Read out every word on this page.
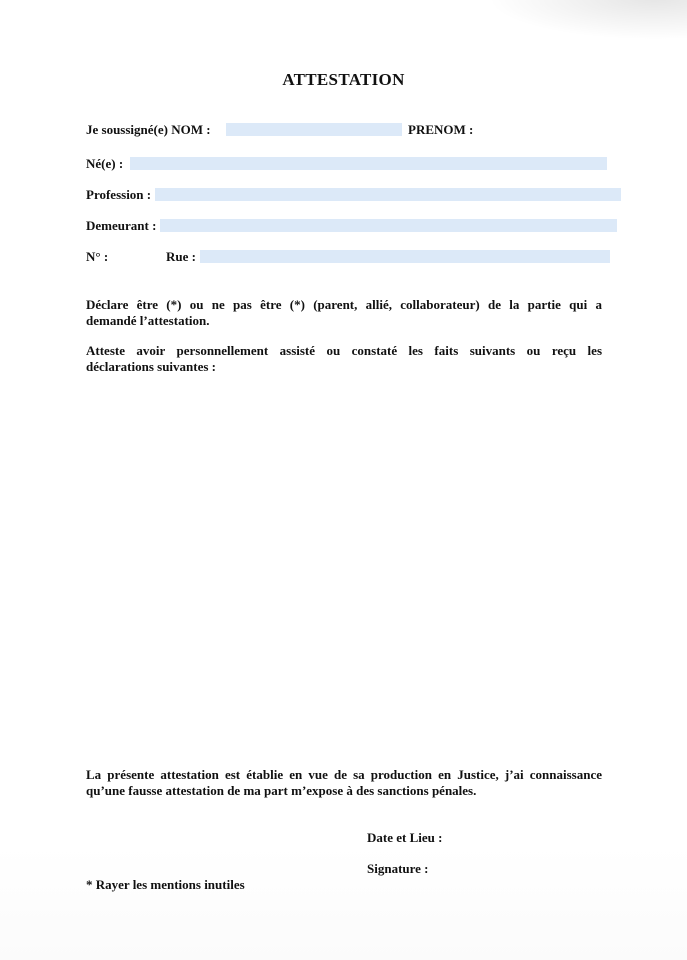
ATTESTATION
Je soussigné(e) NOM :	PRENOM :
Né(e) :
Profession :
Demeurant :
N° :	Rue :
Déclare être (*) ou ne pas être (*) (parent, allié, collaborateur) de la partie qui a
demandé l’attestation.
Atteste avoir personnellement assisté ou constaté les faits suivants ou reçu les
déclarations suivantes :
La présente attestation est établie en vue de sa production en Justice, j’ai connaissance
qu’une fausse attestation de ma part m’expose à des sanctions pénales.
Date et Lieu :
Signature :
* Rayer les mentions inutiles
